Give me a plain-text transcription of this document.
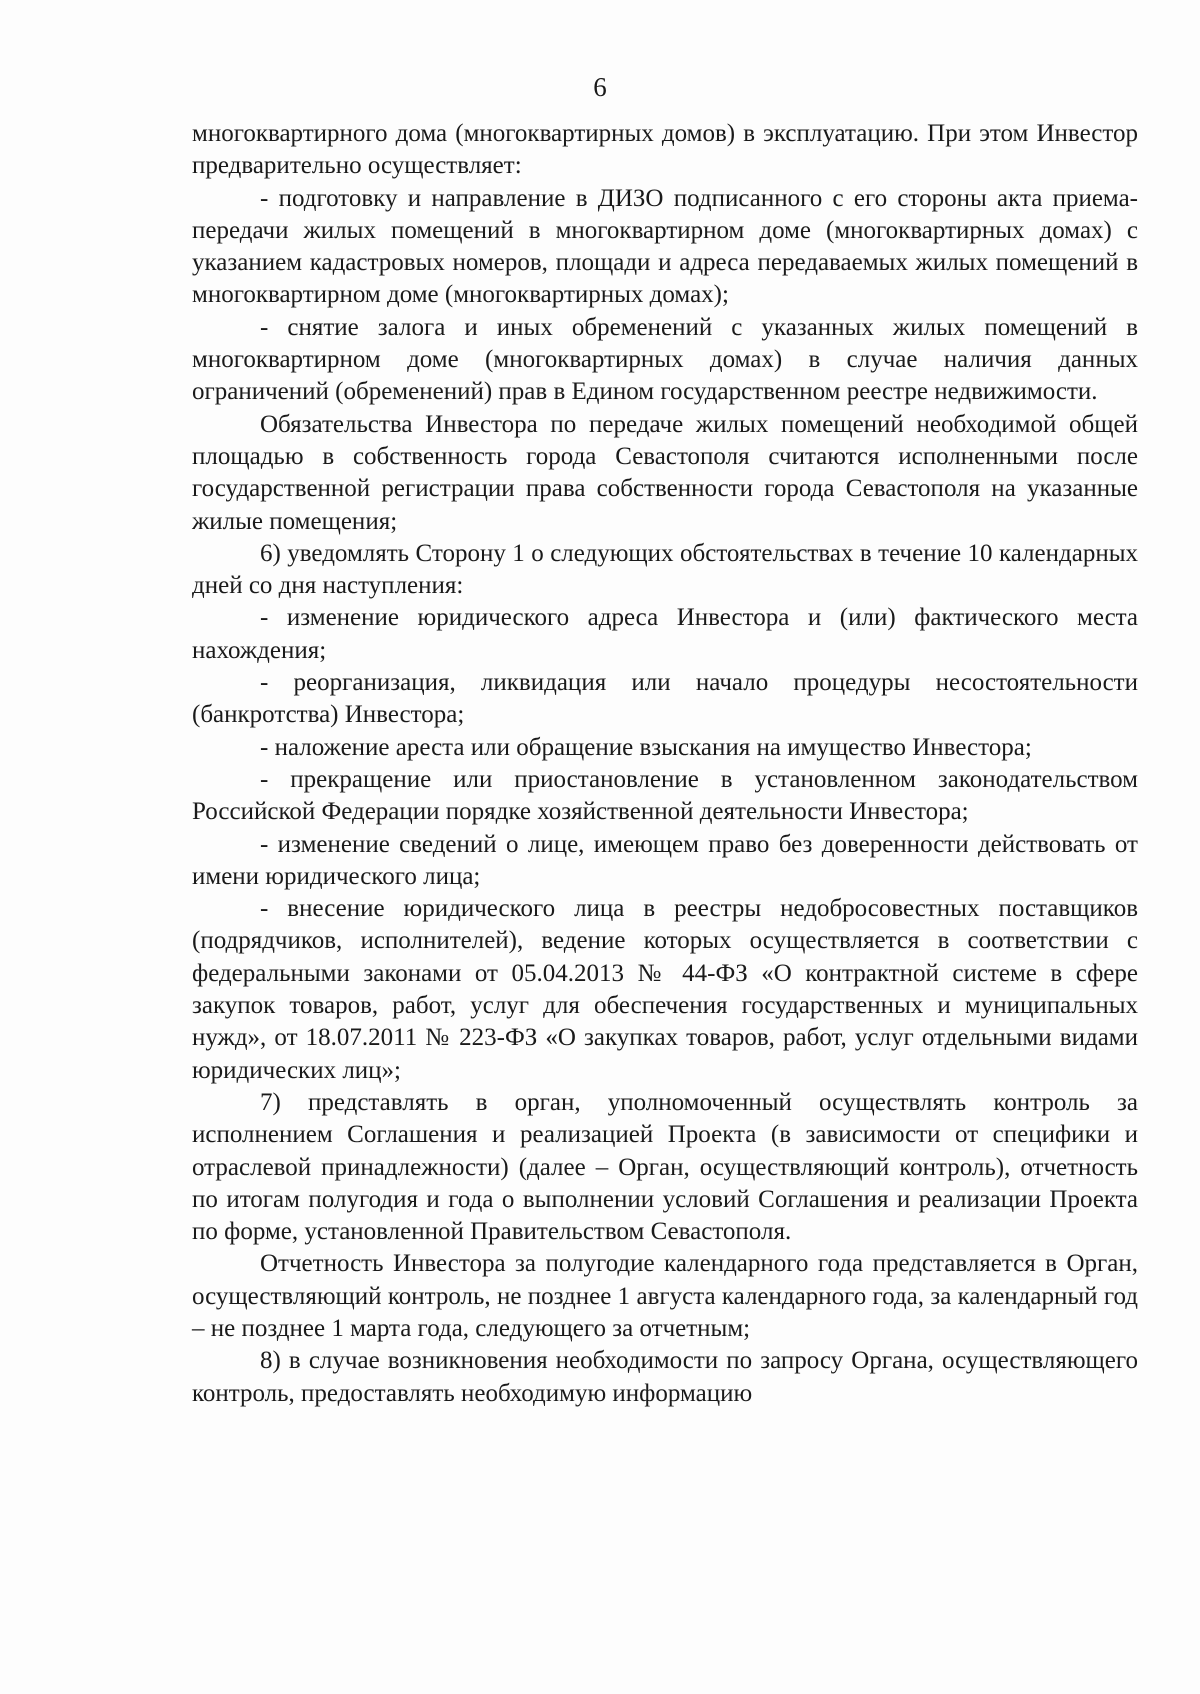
6

многоквартирного дома (многоквартирных домов) в эксплуатацию. При этом Инвестор предварительно осуществляет:

- подготовку и направление в ДИЗО подписанного с его стороны акта приема-передачи жилых помещений в многоквартирном доме (многоквартирных домах) с указанием кадастровых номеров, площади и адреса передаваемых жилых помещений в многоквартирном доме (многоквартирных домах);

- снятие залога и иных обременений с указанных жилых помещений в многоквартирном доме (многоквартирных домах) в случае наличия данных ограничений (обременений) прав в Едином государственном реестре недвижимости.

Обязательства Инвестора по передаче жилых помещений необходимой общей площадью в собственность города Севастополя считаются исполненными после государственной регистрации права собственности города Севастополя на указанные жилые помещения;

6) уведомлять Сторону 1 о следующих обстоятельствах в течение 10 календарных дней со дня наступления:

- изменение юридического адреса Инвестора и (или) фактического места нахождения;

- реорганизация, ликвидация или начало процедуры несостоятельности (банкротства) Инвестора;

- наложение ареста или обращение взыскания на имущество Инвестора;

- прекращение или приостановление в установленном законодательством Российской Федерации порядке хозяйственной деятельности Инвестора;

- изменение сведений о лице, имеющем право без доверенности действовать от имени юридического лица;

- внесение юридического лица в реестры недобросовестных поставщиков (подрядчиков, исполнителей), ведение которых осуществляется в соответствии с федеральными законами от 05.04.2013 № 44-ФЗ «О контрактной системе в сфере закупок товаров, работ, услуг для обеспечения государственных и муниципальных нужд», от 18.07.2011 № 223-ФЗ «О закупках товаров, работ, услуг отдельными видами юридических лиц»;

7) представлять в орган, уполномоченный осуществлять контроль за исполнением Соглашения и реализацией Проекта (в зависимости от специфики и отраслевой принадлежности) (далее – Орган, осуществляющий контроль), отчетность по итогам полугодия и года о выполнении условий Соглашения и реализации Проекта по форме, установленной Правительством Севастополя.

Отчетность Инвестора за полугодие календарного года представляется в Орган, осуществляющий контроль, не позднее 1 августа календарного года, за календарный год – не позднее 1 марта года, следующего за отчетным;

8) в случае возникновения необходимости по запросу Органа, осуществляющего контроль, предоставлять необходимую информацию
